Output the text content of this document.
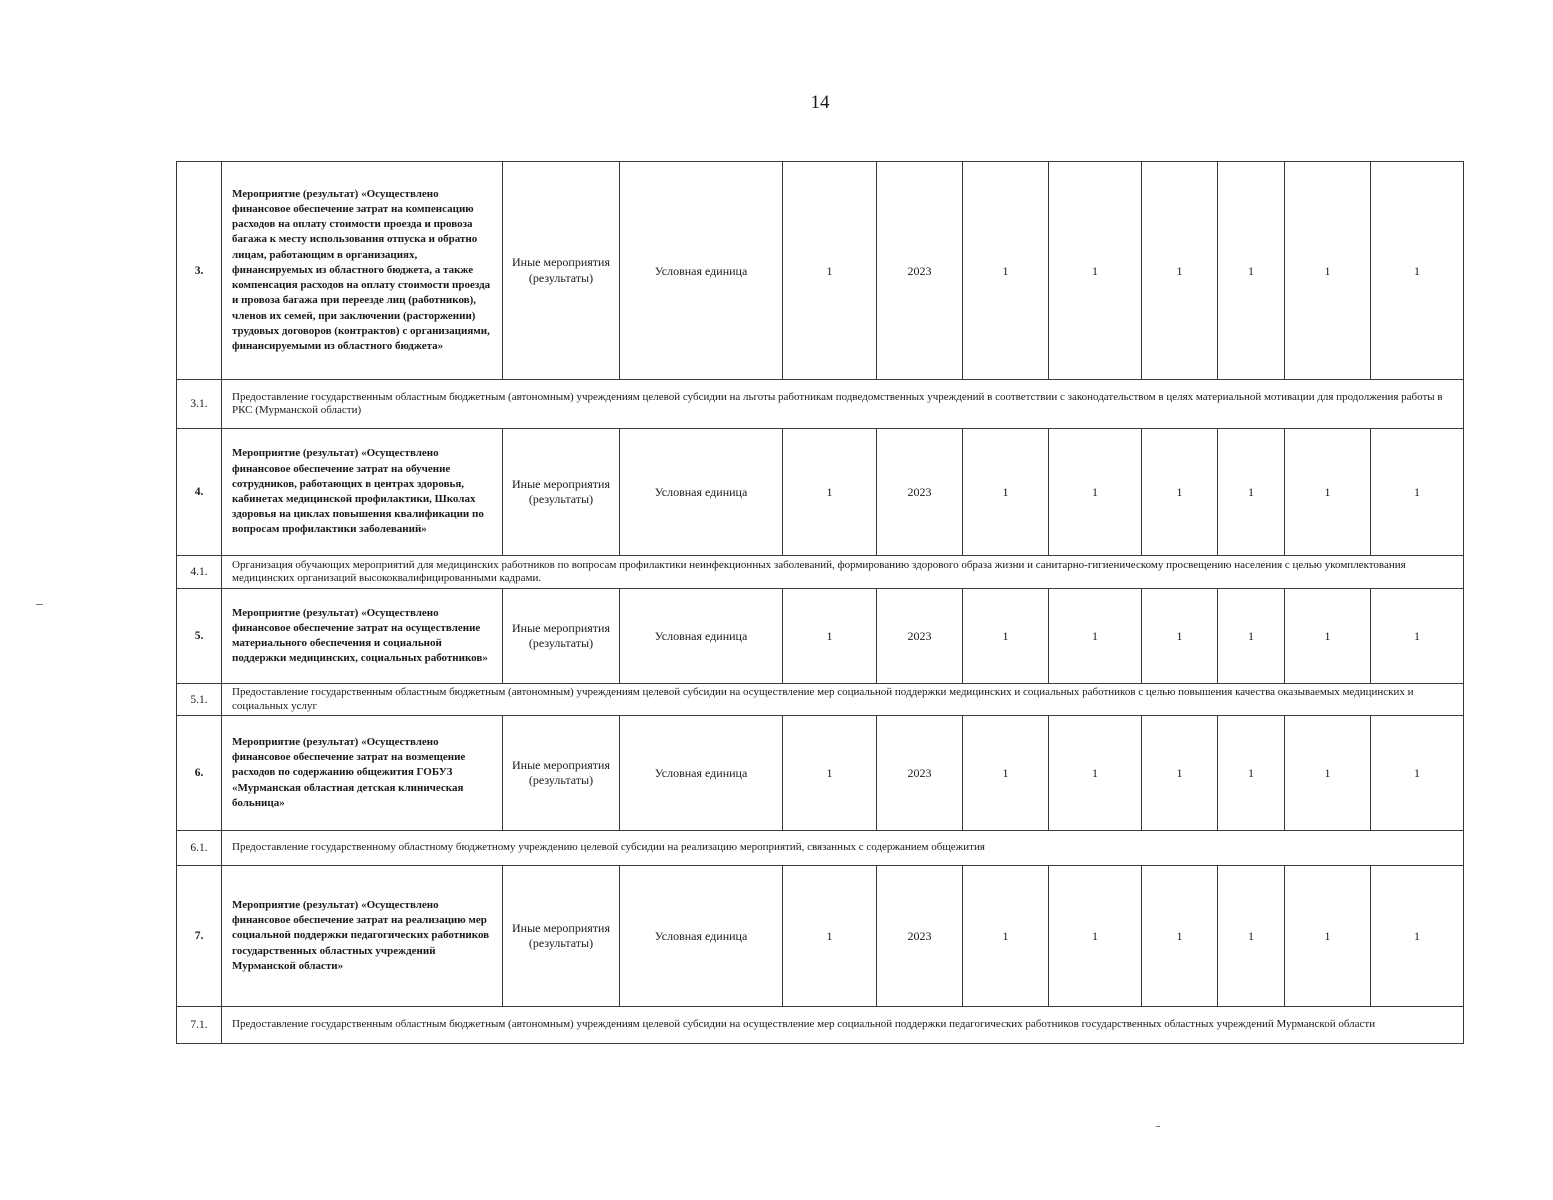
14
3.	Мероприятие (результат) «Осуществлено финансовое обеспечение затрат на компенсацию расходов на оплату стоимости проезда и провоза багажа к месту использования отпуска и обратно лицам, работающим в организациях, финансируемых из областного бюджета, а также компенсация расходов на оплату стоимости проезда и провоза багажа при переезде лиц (работников), членов их семей, при заключении (расторжении) трудовых договоров (контрактов) с организациями, финансируемыми из областного бюджета»	Иные мероприятия (результаты)	Условная единица	1	2023	1	1	1	1	1	1
3.1.	Предоставление государственным областным бюджетным (автономным) учреждениям целевой субсидии на льготы работникам подведомственных учреждений в соответствии с законодательством в целях материальной мотивации для продолжения работы в РКС (Мурманской области)										
4.	Мероприятие (результат) «Осуществлено финансовое обеспечение затрат на обучение сотрудников, работающих в центрах здоровья, кабинетах медицинской профилактики, Школах здоровья на циклах повышения квалификации по вопросам профилактики заболеваний»	Иные мероприятия (результаты)	Условная единица	1	2023	1	1	1	1	1	1
4.1.	Организация обучающих мероприятий для медицинских работников по вопросам профилактики неинфекционных заболеваний, формированию здорового образа жизни и санитарно-гигиеническому просвещению населения с целью укомплектования медицинских организаций высококвалифицированными кадрами.										
5.	Мероприятие (результат) «Осуществлено финансовое обеспечение затрат на осуществление материального обеспечения и социальной поддержки медицинских, социальных работников»	Иные мероприятия (результаты)	Условная единица	1	2023	1	1	1	1	1	1
5.1.	Предоставление государственным областным бюджетным (автономным) учреждениям целевой субсидии на осуществление мер социальной поддержки медицинских и социальных работников с целью повышения качества оказываемых медицинских и социальных услуг										
6.	Мероприятие (результат) «Осуществлено финансовое обеспечение затрат на возмещение расходов по содержанию общежития ГОБУЗ «Мурманская областная детская клиническая больница»	Иные мероприятия (результаты)	Условная единица	1	2023	1	1	1	1	1	1
6.1.	Предоставление государственному областному бюджетному учреждению целевой субсидии на реализацию мероприятий, связанных с содержанием общежития										
7.	Мероприятие (результат) «Осуществлено финансовое обеспечение затрат на реализацию мер социальной поддержки педагогических работников государственных областных учреждений Мурманской области»	Иные мероприятия (результаты)	Условная единица	1	2023	1	1	1	1	1	1
7.1.	Предоставление государственным областным бюджетным (автономным) учреждениям целевой субсидии на осуществление мер социальной поддержки педагогических работников государственных областных учреждений Мурманской области										
